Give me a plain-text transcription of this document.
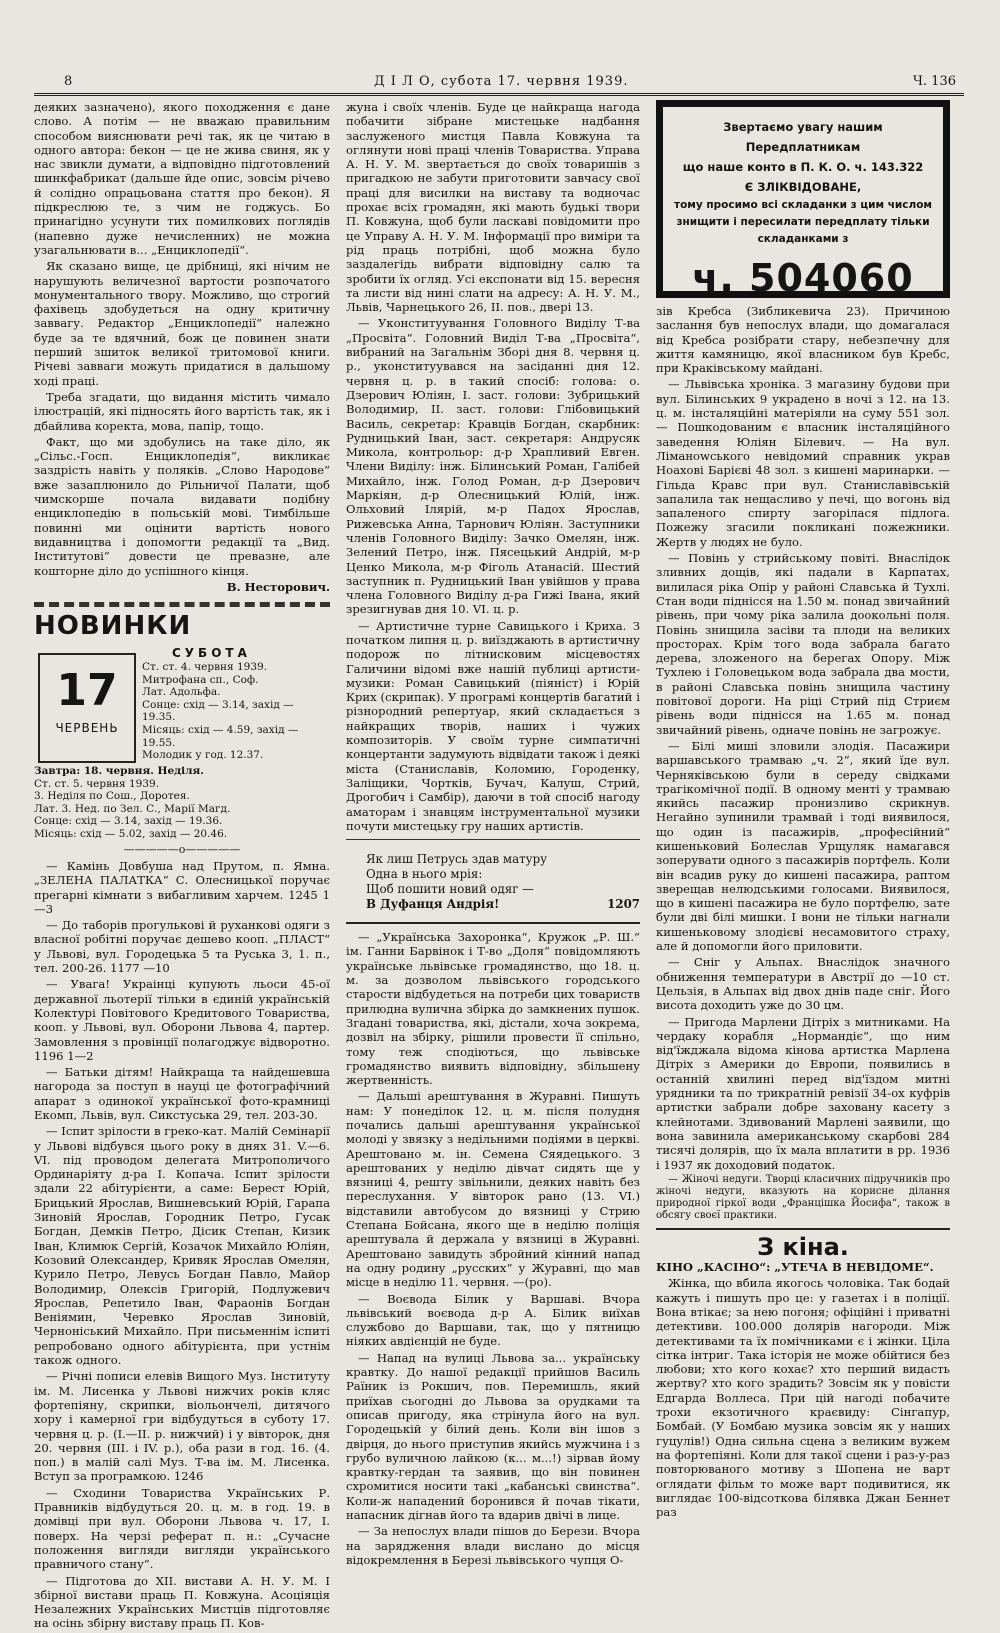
8	Д І Л О, субота 17. червня 1939.	Ч. 136

деяких зазначено), якого походження є дане слово. А потім — не вважаю правильним способом вияснювати речі так, як це читаю в одного автора: бекон — це не жива свиня, як у нас звикли думати, а відповідно підготовлений шинкфабрикат (дальше йде опис, зовсім річево й солідно опрацьована стаття про бекон). Я підкреслюю те, з чим не годжусь. Бо принагідно усунути тих помилкових поглядів (напевно дуже нечисленних) не можна узагальнювати в... „Енциклопедії“.

Як сказано вище, це дрібниці, які нічим не нарушують величезної вартости розпочатого монументального твору. Можливо, що строгий фахівець здобудеться на одну критичну заввагу. Редактор „Енциклопедії“ належно буде за те вдячний, бож це повинен знати перший зшиток великої тритомової книги. Річеві завваги можуть придатися в дальшому ході праці.

Треба згадати, що видання містить чимало ілюстрацій, які підносять його вартість так, як і дбайлива коректа, мова, папір, тощо.

Факт, що ми здобулись на таке діло, як „Сільс.-Госп. Енциклопедія“, викликає заздрість навіть у поляків. „Слово Народове“ вже зазаплюнило до Рільничої Палати, щоб чимскорше почала видавати подібну енциклопедію в польській мові. Тимбільше повинні ми оцінити вартість нового видавництва і допомогти редакції та „Вид. Інститутові“ довести це превазне, але кошторне діло до успішного кінця.

В. Несторович.

НОВИНКИ
17
ЧЕРВЕНЬ
СУБОТА
Ст. ст. 4. червня 1939.
Митрофана сп., Соф.
Лат. Адольфа.
Сонце: схід — 3.14, захід — 19.35.
Місяць: схід — 4.59, захід — 19.55.
Молодик у год. 12.37.
Завтра: 18. червня. Неділя.
Ст. ст. 5. червня 1939.
3. Неділя по Сош., Доротея.
Лат. 3. Нед. по Зел. С., Марії Магд.
Сонце: схід — 3.14, захід — 19.36.
Місяць: схід — 5.02, захід — 20.46.
—————o—————

— Камінь Довбуша над Прутом, п. Ямна. „ЗЕЛЕНА ПАЛАТКА“ С. Олесницької поручає прегарні кімнати з вибагливим харчем. 1245 1—3

— До таборів прогулькові й руханкові одяги з власної робітні поручає дешево кооп. „ПЛАСТ“ у Львові, вул. Городецька 5 та Руська 3, 1. п., тел. 200-26. 1177 —10

— Увага! Украінці купують льоси 45-ої державної льотерії тільки в єдиній українській Колектурі Повітового Кредитового Товариства, кооп. у Львові, вул. Оборони Львова 4, партер. Замовлення з провінції полагоджує відворотно. 1196 1—2

— Батьки дітям! Найкраща та найдешевша нагорода за поступ в науці це фотографічний апарат з одинокої української фото-крамниці Екомп, Львів, вул. Сикстуська 29, тел. 203-30.

— Іспит зрілости в греко-кат. Малій Семінарії у Львові відбувся цього року в днях 31. V.—6. VI. під проводом делегата Митрополичого Ординаріяту д-ра І. Копача. Іспит зрілости здали 22 абітурієнти, а саме: Берест Юрій, Брицький Ярослав, Вишневський Юрій, Гарапа Зиновій Ярослав, Городник Петро, Гусак Богдан, Демків Петро, Дісик Степан, Кизик Іван, Климюк Сергій, Козачок Михайло Юліян, Козовий Олександер, Кривяк Ярослав Омелян, Курило Петро, Левусь Богдан Павло, Майор Володимир, Олексів Григорій, Подлужевич Ярослав, Репетило Іван, Фараонів Богдан Веніямин, Черевко Ярослав Зиновій, Черноніський Михайло. При письменнім іспиті репробовано одного абітурієнта, при устнім також одного.

— Річні пописи елевів Вищого Муз. Інституту ім. М. Лисенка у Львові нижчих років кляс фортепіяну, скрипки, віольончелі, дитячого хору і камерної гри відбудуться в суботу 17. червня ц. р. (I.—II. р. нижчий) і у вівторок, дня 20. червня (III. і IV. р.), оба рази в год. 16. (4. поп.) в малій салі Муз. Т-ва ім. М. Лисенка. Вступ за програмкою. 1246

— Сходини Товариства Українських Р. Правників відбудуться 20. ц. м. в год. 19. в домівці при вул. Оборони Львова ч. 17, І. поверх. На черзі реферат п. н.: „Сучасне положення вигляди вигляди українського правничого стану“.

— Підготова до XII. вистави А. Н. У. М. І збірної вистави праць П. Ковжуна. Асоціяція Незалежних Українських Мистців підготовляє на осінь збірну виставу праць П. Ков-

жуна і своїх членів. Буде це найкраща нагода побачити зібране мистецьке надбання заслуженого мистця Павла Ковжуна та оглянути нові праці членів Товариства. Управа А. Н. У. М. звертається до своїх товаришів з пригадкою не забути приготовити завчасу свої праці для висилки на виставу та водночас прохає всіх громадян, які мають будькі твори П. Ковжуна, щоб були ласкаві повідомити про це Управу А. Н. У. М. Інформації про виміри та рід праць потрібні, щоб можна було заздалегідь вибрати відповідну салю та зробити їх огляд. Усі експонати від 15. вересня та листи від нині слати на адресу: А. Н. У. М., Львів, Чарнецького 26, II. пов., двері 13.

— Уконституування Головного Виділу Т-ва „Просвіта“. Головний Виділ Т-ва „Просвіта“, вибраний на Загальнім Зборі дня 8. червня ц. р., уконституувався на засіданні дня 12. червня ц. р. в такий спосіб: голова: о. Дзерович Юліян, І. заст. голови: Зубрицький Володимир, ІІ. заст. голови: Глібовицький Василь, секретар: Кравців Богдан, скарбник: Рудницький Іван, заст. секретаря: Андрусяк Микола, контрольор: д-р Храпливий Евген. Члени Виділу: інж. Білинський Роман, Галібей Михайло, інж. Голод Роман, д-р Дзерович Маркіян, д-р Олесницький Юлій, інж. Ольховий Ілярій, м-р Падох Ярослав, Рижевська Анна, Тарнович Юліян. Заступники членів Головного Виділу: Зачко Омелян, інж. Зелений Петро, інж. Пясецький Андрій, м-р Ценко Микола, м-р Фіголь Атанасій. Шестий заступник п. Рудницький Іван увійшов у права члена Головного Виділу д-ра Гижі Івана, який зрезигнував дня 10. VI. ц. р.

— Артистичне турне Савицького і Криха. З початком липня ц. р. виїзджають в артистичну подорож по літнисковим місцевостях Галичини відомі вже нашій публиці артисти-музики: Роман Савицький (піяніст) і Юрій Крих (скрипак). У програмі концертів багатий і різнородний репертуар, який складається з найкращих творів, наших і чужих композиторів. У своїм турне симпатичні концертанти задумують відвідати також і деякі міста (Станиславів, Коломию, Городенку, Заліщики, Чортків, Бучач, Калуш, Стрий, Дрогобич і Самбір), даючи в той спосіб нагоду аматорам і знавцям інструментальної музики почути мистецьку гру наших артистів.

Як лиш Петрусь здав матуру
Одна в нього мрія:
Щоб пошити новий одяг —
В Дуфанця Андрія!	1207

— „Українська Захоронка“, Кружок „Р. Ш.“ ім. Ганни Барвінок і Т-во „Доля“ повідомляють українське львівське громадянство, що 18. ц. м. за дозволом львівського городського старости відбудеться на потреби цих товариств прилюдна вулична збірка до замкнених пушок. Згадані товариства, які, дістали, хоча зокрема, дозвіл на збірку, рішили провести її спільно, тому теж сподіються, що львівське громадянство виявить відповідну, збільшену жертвенність.

— Дальші арештування в Журавні. Пишуть нам: У понеділок 12. ц. м. після полудня почались дальші арештування української молоді у звязку з недільними подіями в церкві. Арештовано м. ін. Семена Сяядецького. З арештованих у неділю дівчат сидять ще у вязниці 4, решту звільнили, деяких навіть без переслухання. У вівторок рано (13. VI.) відставили автобусом до вязниці у Стрию Степана Бойсана, якого ще в неділю поліція арештувала й держала у вязниці в Журавні. Арештовано завидуть збройний кінний напад на одну родину „русских“ у Журавні, що мав місце в неділю 11. червня. —(ро).

— Воєвода Білик у Варшаві. Вчора львівський воєвода д-р А. Білик виїхав службово до Варшави, так, що у пятницю ніяких авдієнцій не буде.

— Напад на вулиці Львова за... українську кравтку. До нашої редакції прийшов Василь Раїник із Рокшич, пов. Перемишль, який приїхав сьогодні до Львова за орудками та описав пригоду, яка стрінула його на вул. Городецькій у білий день. Коли він ішов з двірця, до нього приступив якийсь мужчина і з грубо вуличною лайкою (к... м...!) зірвав йому кравтку-гердан та заявив, що він повинен схромитися носити такі „кабанські свинства“. Коли-ж нападений боронився й почав тікати, напасник дігнав його та вдарив двічі в лице.

— За непослух влади пішов до Берези. Вчора на зарядження влади вислано до місця відокремлення в Березі львівського чупця О-

Звертаємо увагу нашим Передплатникам
що наше конто в П. К. О. ч. 143.322
Є ЗЛІКВІДОВАНЕ,
тому просимо всі складанки з цим числом знищити і пересилати передплату тільки складанками з
ч. 504060

зів Кребса (Зибликевича 23). Причиною заслання був непослух влади, що домагалася від Кребса розібрати стару, небезпечну для життя камяницю, якої власником був Кребс, при Краківському майдані.

— Львівська хроніка. З магазину будови при вул. Білинських 9 украдено в ночі з 12. на 13. ц. м. інсталяційні матеріяли на суму 551 зол. — Пошкодованим є власник інсталяційного заведення Юліян Білевич. — На вул. Ліманowського невідомий справник украв Ноахові Барієві 48 зол. з кишені маринарки. — Гільда Кравс при вул. Станиславівській запалила так нещасливо у печі, що вогонь від запаленого спирту загорілася підлога. Пожежу згасили покликані пожежники. Жертв у людях не було.

— Повінь у стрийському повіті. Внаслідок зливних дощів, які падали в Карпатах, вилилася ріка Опір у районі Славська й Тухлі. Стан води піднісся на 1.50 м. понад звичайний рівень, при чому ріка залила доокольні поля. Повінь знищила засіви та плоди на великих просторах. Крім того вода забрала багато дерева, зложеного на берегах Опору. Між Тухлею і Головецьком вода забрала два мости, в районі Славська повінь знищила частину повітової дороги. На ріці Стрий під Стриєм рівень води піднісся на 1.65 м. понад звичайний рівень, одначе повінь не загрожує.

— Білі миші зловили злодія. Пасажири варшавського трамваю „ч. 2“, який їде вул. Черняківською були в середу свідками трагікомічної події. В одному менті у трамваю якийсь пасажир пронизливо скрикнув. Негайно зупинили трамвай і тоді виявилося, що один із пасажирів, „професійний“ кишеньковий Болеслав Урщуляк намагався зоперувати одного з пасажирів портфель. Коли він всадив руку до кишені пасажира, раптом зверещав нелюдськими голосами. Виявилося, що в кишені пасажира не було портфелю, зате були дві білі мишки. І вони не тільки нагнали кишеньковому злодієві несамовитого страху, але й допомогли його приловити.

— Сніг у Альпах. Внаслідок значного обниження температури в Австрії до —10 ст. Цельзія, в Альпах від двох днів паде сніг. Його висота доходить уже до 30 цм.

— Пригода Марлени Дітріх з митниками. На чердаку корабля „Нормандіє“, що ним від'їжджала відома кінова артистка Марлена Дітріх з Америки до Европи, появились в останній хвилині перед від'їздом митні урядники та по трикратній ревізії 34-ох куфрів артистки забрали добре заховану касету з клейнотами. Здивований Марлені заявили, що вона завинила американському скарбові 284 тисячі долярів, що їх мала вплатити в рр. 1936 і 1937 як доходовий податок.

— Жіночі недуги. Творці класичних підручників про жіночі недуги, вказують на корисне ділання природної гіркої води „Францішка Йосифа“, також в обсягу своєї практики.

З кіна.
КІНО „КАСІНО“: „УТЕЧА В НЕВІДОМЕ“.

Жінка, що вбила якогось чоловіка. Так бодай кажуть і пишуть про це: у газетах і в поліції. Вона втікає; за нею погоня; офіційні і приватні детективи. 100.000 долярів нагороди. Між детективами та їх помічниками є і жінки. Ціла сітка інтриг. Така історія не може обійтися без любови; хто кого кохає? хто перший видасть жертву? хто кого зрадить? Зовсім як у повісти Едгарда Воллеса. При цій нагоді побачите трохи екзотичного краєвиду: Сінгапур, Бомбай. (У Бомбаю музика зовсім як у наших гуцулів!) Одна сильна сцена з великим вужем на фортепіяні. Коли для такої сцени і раз-у-раз повторюваного мотиву з Шопена не варт оглядати фільм то може варт подивитися, як виглядає 100-відсоткова білявка Джан Беннет раз
